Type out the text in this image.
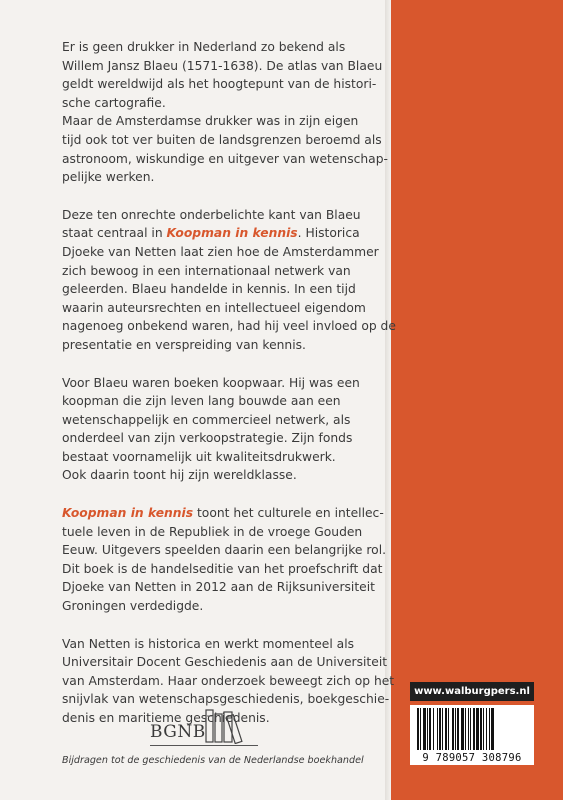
Er is geen drukker in Nederland zo bekend als
Willem Jansz Blaeu (1571-1638). De atlas van Blaeu
geldt wereldwijd als het hoogtepunt van de histori-
sche cartografie.
Maar de Amsterdamse drukker was in zijn eigen
tijd ook tot ver buiten de landsgrenzen beroemd als
astronoom, wiskundige en uitgever van wetenschap-
pelijke werken.
Deze ten onrechte onderbelichte kant van Blaeu
staat centraal in Koopman in kennis. Historica
Djoeke van Netten laat zien hoe de Amsterdammer
zich bewoog in een internationaal netwerk van
geleerden. Blaeu handelde in kennis. In een tijd
waarin auteursrechten en intellectueel eigendom
nagenoeg onbekend waren, had hij veel invloed op de
presentatie en verspreiding van kennis.
Voor Blaeu waren boeken koopwaar. Hij was een
koopman die zijn leven lang bouwde aan een
wetenschappelijk en commercieel netwerk, als
onderdeel van zijn verkoopstrategie. Zijn fonds
bestaat voornamelijk uit kwaliteitsdrukwerk.
Ook daarin toont hij zijn wereldklasse.
Koopman in kennis toont het culturele en intellec-
tuele leven in de Republiek in de vroege Gouden
Eeuw. Uitgevers speelden daarin een belangrijke rol.
Dit boek is de handelseditie van het proefschrift dat
Djoeke van Netten in 2012 aan de Rijksuniversiteit
Groningen verdedigde.
Van Netten is historica en werkt momenteel als
Universitair Docent Geschiedenis aan de Universiteit
van Amsterdam. Haar onderzoek beweegt zich op het
snijvlak van wetenschapsgeschiedenis, boekgeschie-
denis en maritieme geschiedenis.
BGNB
Bijdragen tot de geschiedenis van de Nederlandse boekhandel
www.walburgpers.nl
9 789057 308796
